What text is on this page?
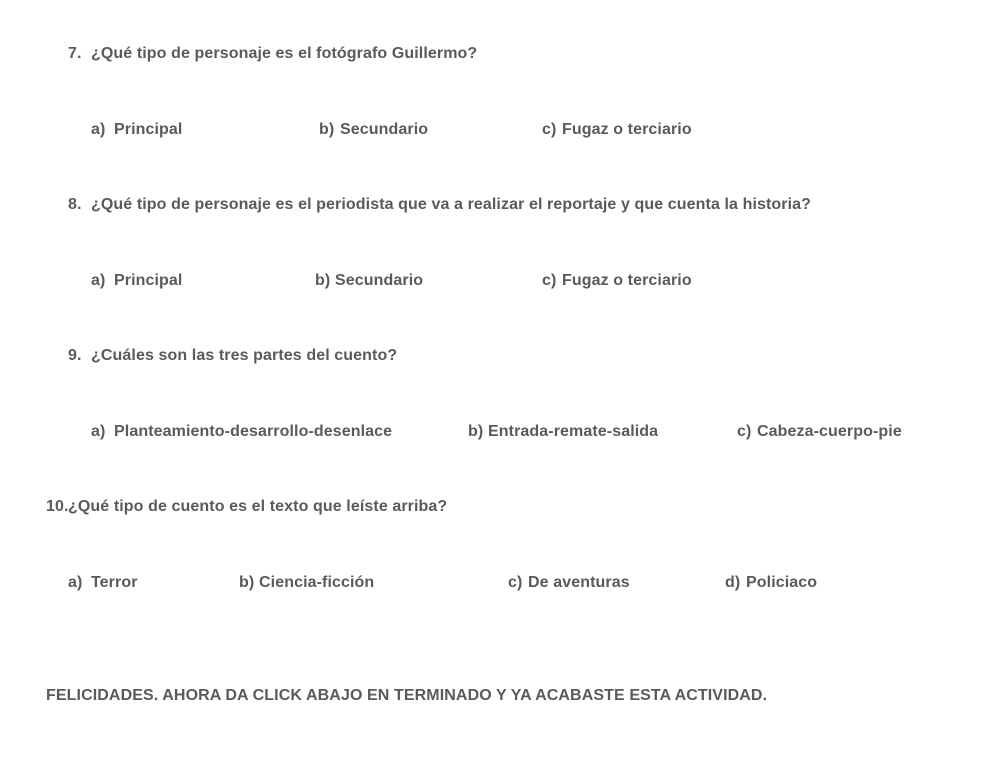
7. ¿Qué tipo de personaje es el fotógrafo Guillermo?
a) Principal	b) Secundario	c) Fugaz o terciario
8. ¿Qué tipo de personaje es el periodista que va a realizar el reportaje y que cuenta la historia?
a) Principal	b) Secundario	c) Fugaz o terciario
9. ¿Cuáles son las tres partes del cuento?
a) Planteamiento-desarrollo-desenlace	b) Entrada-remate-salida	c) Cabeza-cuerpo-pie
10. ¿Qué tipo de cuento es el texto que leíste arriba?
a) Terror	b) Ciencia-ficción	c) De aventuras	d) Policiaco
FELICIDADES. AHORA DA CLICK ABAJO EN TERMINADO Y YA ACABASTE ESTA ACTIVIDAD.
